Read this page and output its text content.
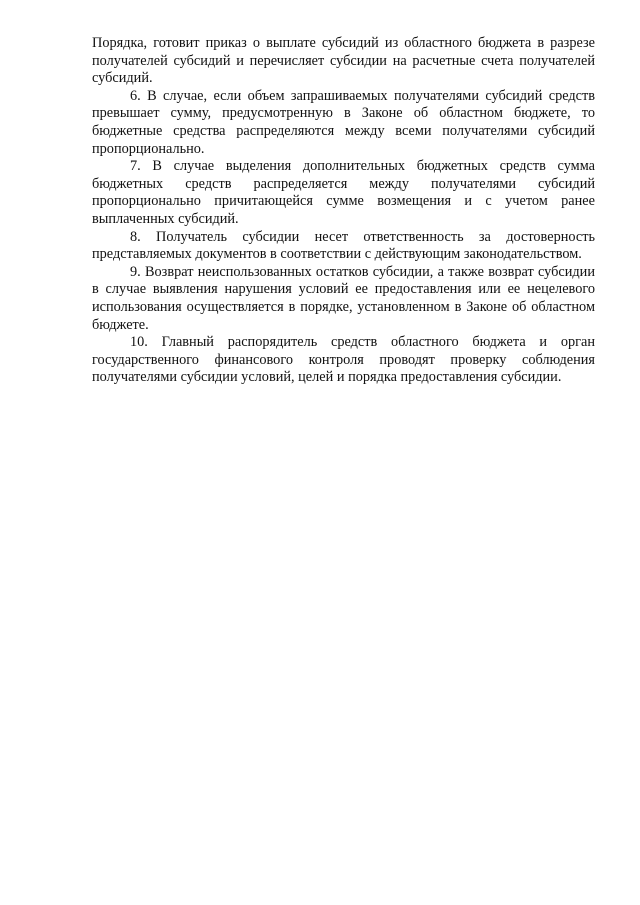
Порядка, готовит приказ о выплате субсидий из областного бюджета в разрезе получателей субсидий и перечисляет субсидии на расчетные счета получателей субсидий.

6. В случае, если объем запрашиваемых получателями субсидий средств превышает сумму, предусмотренную в Законе об областном бюджете, то бюджетные средства распределяются между всеми получателями субсидий пропорционально.

7. В случае выделения дополнительных бюджетных средств сумма бюджетных средств распределяется между получателями субсидий пропорционально причитающейся сумме возмещения и с учетом ранее выплаченных субсидий.

8. Получатель субсидии несет ответственность за достоверность представляемых документов в соответствии с действующим законодательством.

9. Возврат неиспользованных остатков субсидии, а также возврат субсидии в случае выявления нарушения условий ее предоставления или ее нецелевого использования осуществляется в порядке, установленном в Законе об областном бюджете.

10. Главный распорядитель средств областного бюджета и орган государственного финансового контроля проводят проверку соблюдения получателями субсидии условий, целей и порядка предоставления субсидии.
